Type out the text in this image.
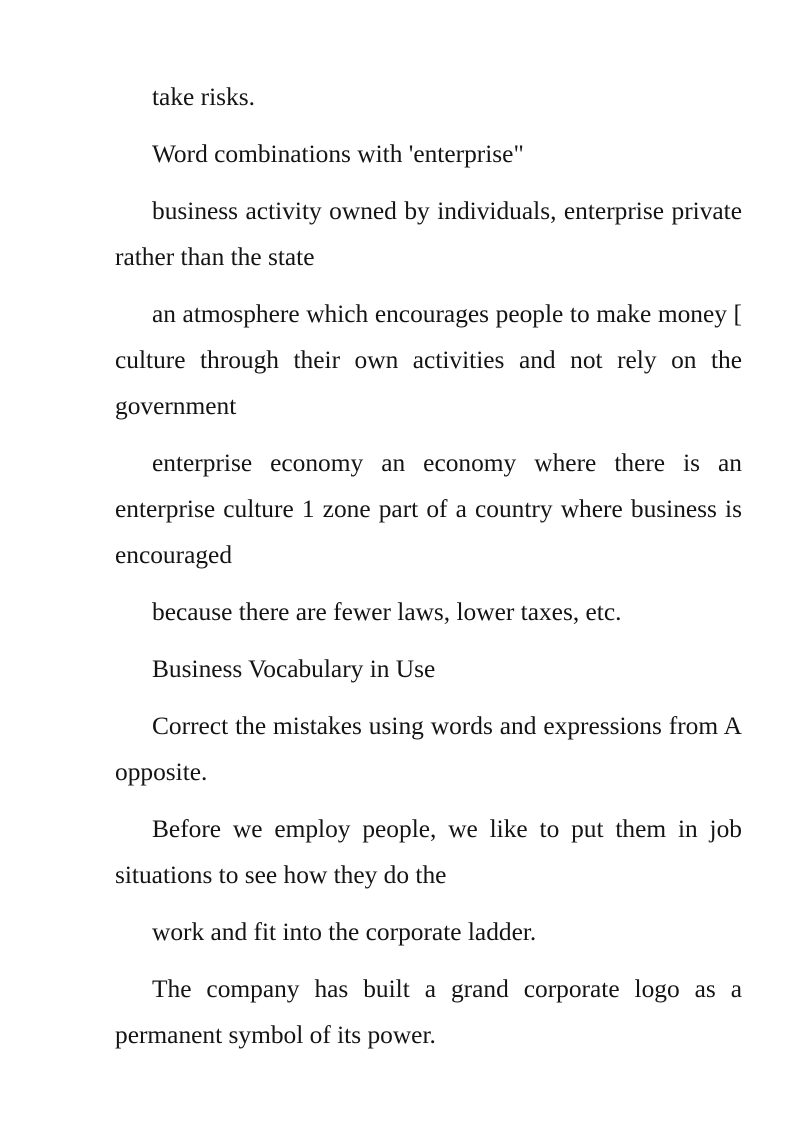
take risks.

Word combinations with 'enterprise"

business activity owned by individuals, enterprise private rather than the state

an atmosphere which encourages people to make money [ culture through their own activities and not rely on the government

enterprise economy an economy where there is an enterprise culture 1 zone part of a country where business is encouraged

because there are fewer laws, lower taxes, etc.

Business Vocabulary in Use

Correct the mistakes using words and expressions from A opposite.

Before we employ people, we like to put them in job situations to see how they do the

work and fit into the corporate ladder.

The company has built a grand corporate logo as a permanent symbol of its power.
